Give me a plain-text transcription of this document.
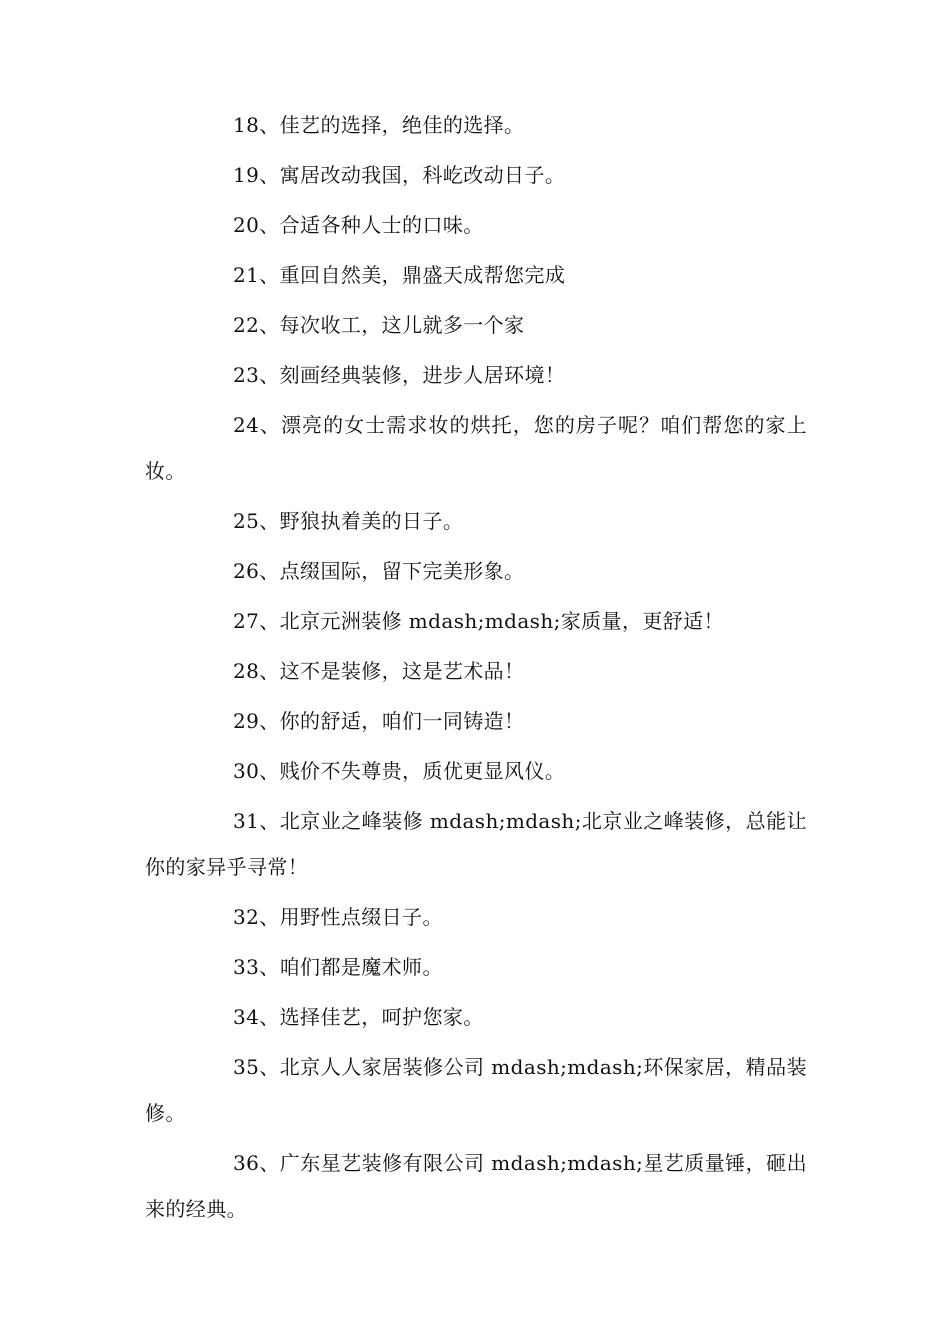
18、佳艺的选择，绝佳的选择。

19、寓居改动我国，科屹改动日子。

20、合适各种人士的口味。

21、重回自然美，鼎盛天成帮您完成

22、每次收工，这儿就多一个家

23、刻画经典装修，进步人居环境！

24、漂亮的女士需求妆的烘托，您的房子呢？咱们帮您的家上妆。

25、野狼执着美的日子。

26、点缀国际，留下完美形象。

27、北京元洲装修 mdash;mdash;家质量，更舒适！

28、这不是装修，这是艺术品！

29、你的舒适，咱们一同铸造！

30、贱价不失尊贵，质优更显风仪。

31、北京业之峰装修 mdash;mdash;北京业之峰装修，总能让你的家异乎寻常！

32、用野性点缀日子。

33、咱们都是魔术师。

34、选择佳艺，呵护您家。

35、北京人人家居装修公司 mdash;mdash;环保家居，精品装修。

36、广东星艺装修有限公司 mdash;mdash;星艺质量锤，砸出来的经典。
